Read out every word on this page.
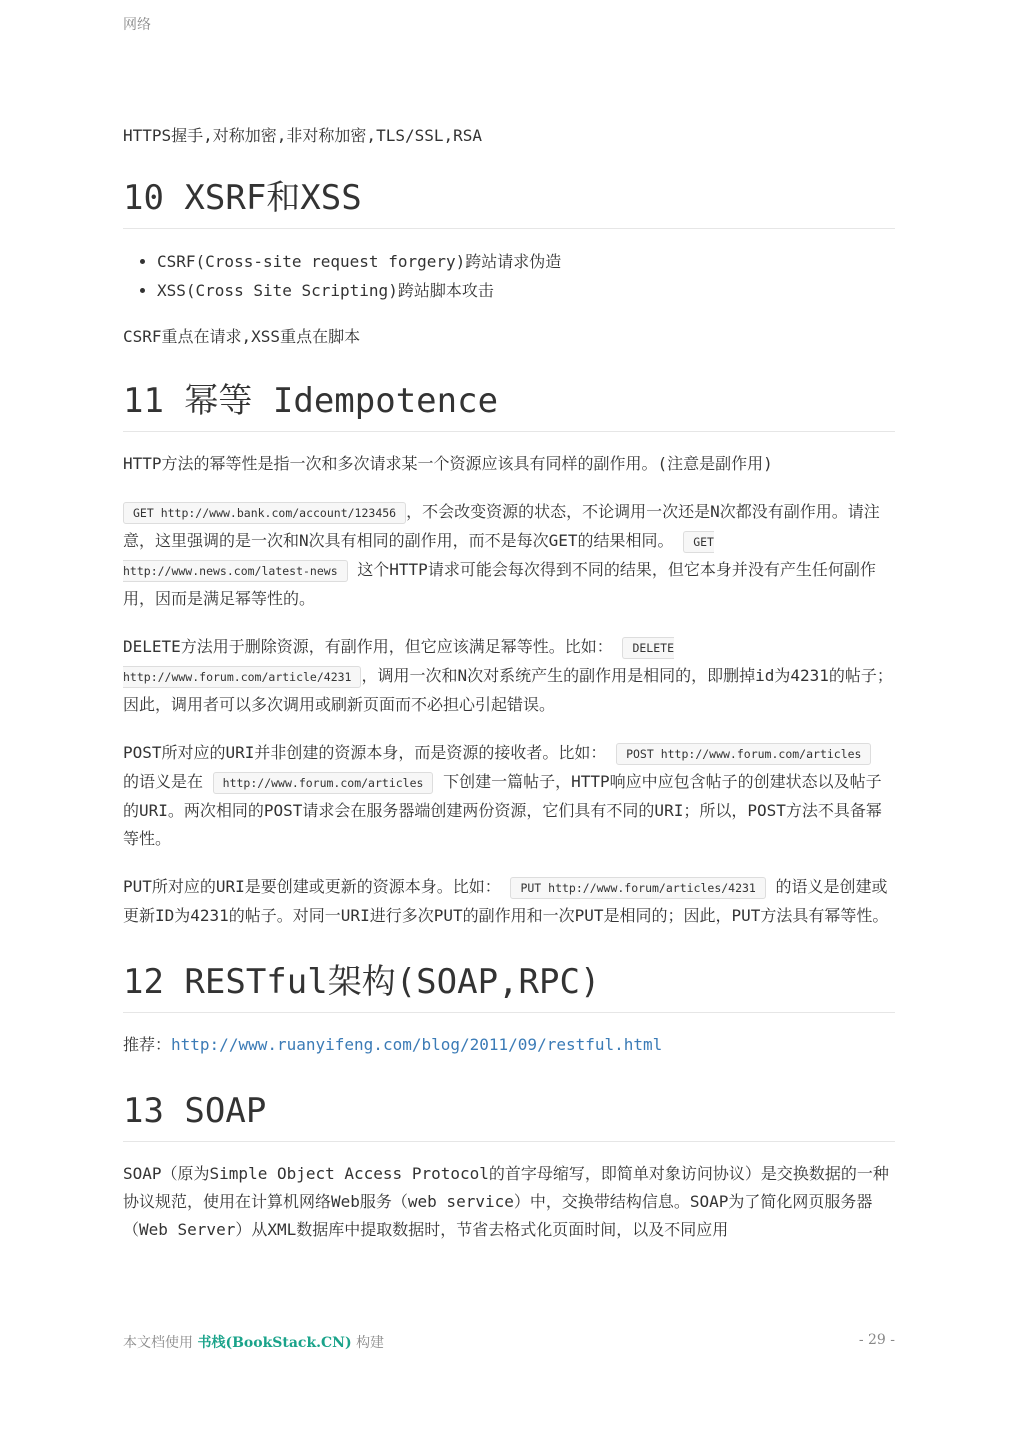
网络

HTTPS握手,对称加密,非对称加密,TLS/SSL,RSA

10 XSRF和XSS
• CSRF(Cross-site request forgery)跨站请求伪造
• XSS(Cross Site Scripting)跨站脚本攻击

CSRF重点在请求,XSS重点在脚本

11 幂等 Idempotence

HTTP方法的幂等性是指一次和多次请求某一个资源应该具有同样的副作用。(注意是副作用)

GET http://www.bank.com/account/123456 ，不会改变资源的状态，不论调用一次还是N次都没有副作用。请注意，这里强调的是一次和N次具有相同的副作用，而不是每次GET的结果相同。 GET http://www.news.com/latest-news 这个HTTP请求可能会每次得到不同的结果，但它本身并没有产生任何副作用，因而是满足幂等性的。

DELETE方法用于删除资源，有副作用，但它应该满足幂等性。比如： DELETE http://www.forum.com/article/4231 ，调用一次和N次对系统产生的副作用是相同的，即删掉id为4231的帖子；因此，调用者可以多次调用或刷新页面而不必担心引起错误。

POST所对应的URI并非创建的资源本身，而是资源的接收者。比如： POST http://www.forum.com/articles 的语义是在 http://www.forum.com/articles 下创建一篇帖子，HTTP响应中应包含帖子的创建状态以及帖子的URI。两次相同的POST请求会在服务器端创建两份资源，它们具有不同的URI；所以，POST方法不具备幂等性。

PUT所对应的URI是要创建或更新的资源本身。比如： PUT http://www.forum/articles/4231 的语义是创建或更新ID为4231的帖子。对同一URI进行多次PUT的副作用和一次PUT是相同的；因此，PUT方法具有幂等性。

12 RESTful架构(SOAP,RPC)

推荐：http://www.ruanyifeng.com/blog/2011/09/restful.html

13 SOAP

SOAP（原为Simple Object Access Protocol的首字母缩写，即简单对象访问协议）是交换数据的一种协议规范，使用在计算机网络Web服务（web service）中，交换带结构信息。SOAP为了简化网页服务器（Web Server）从XML数据库中提取数据时，节省去格式化页面时间，以及不同应用

本文档使用 书栈(BookStack.CN) 构建	- 29 -
